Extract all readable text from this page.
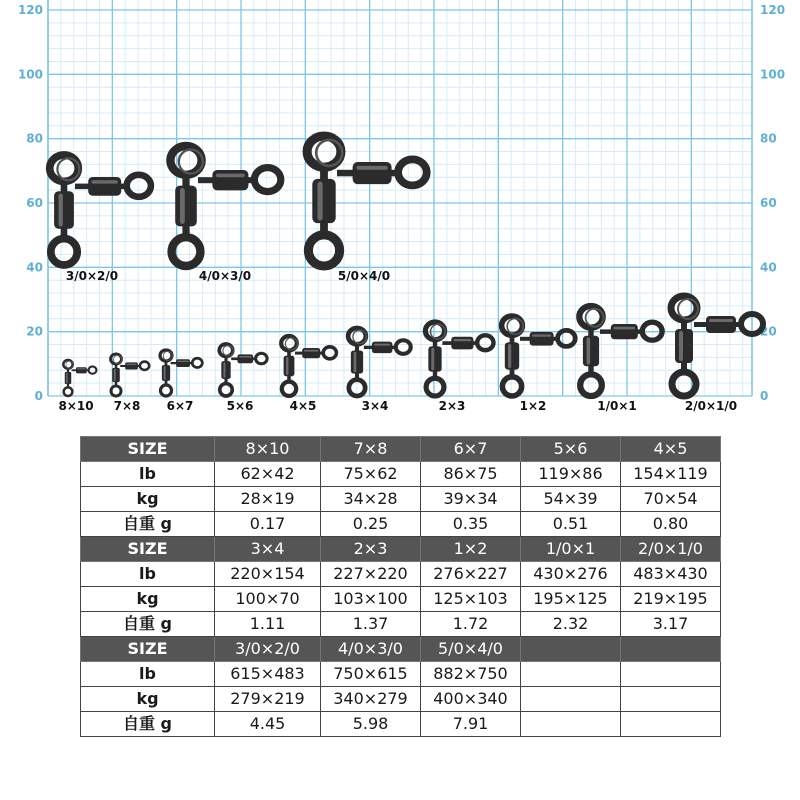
0
20
40
60
80
100
120
0
20
40
60
80
100
120
8×10 7×8 6×7	5×6	4×5	3×4	2×3	1×2	1/0×1	2/0×1/0
3/0×2/0	4/0×3/0	5/0×4/0
SIZE	8×10	7×8	6×7	5×6	4×5
lb	62×42	75×62	86×75	119×86	154×119
kg	28×19	34×28	39×34	54×39	70×54
自重 g	0.17	0.25	0.35	0.51	0.80
SIZE	3×4	2×3	1×2	1/0×1	2/0×1/0
lb	220×154	227×220	276×227	430×276	483×430
kg	100×70	103×100	125×103	195×125	219×195
自重 g	1.11	1.37	1.72	2.32	3.17
SIZE	3/0×2/0	4/0×3/0	5/0×4/0		
lb	615×483	750×615	882×750		
kg	279×219	340×279	400×340		
自重 g	4.45	5.98	7.91		
